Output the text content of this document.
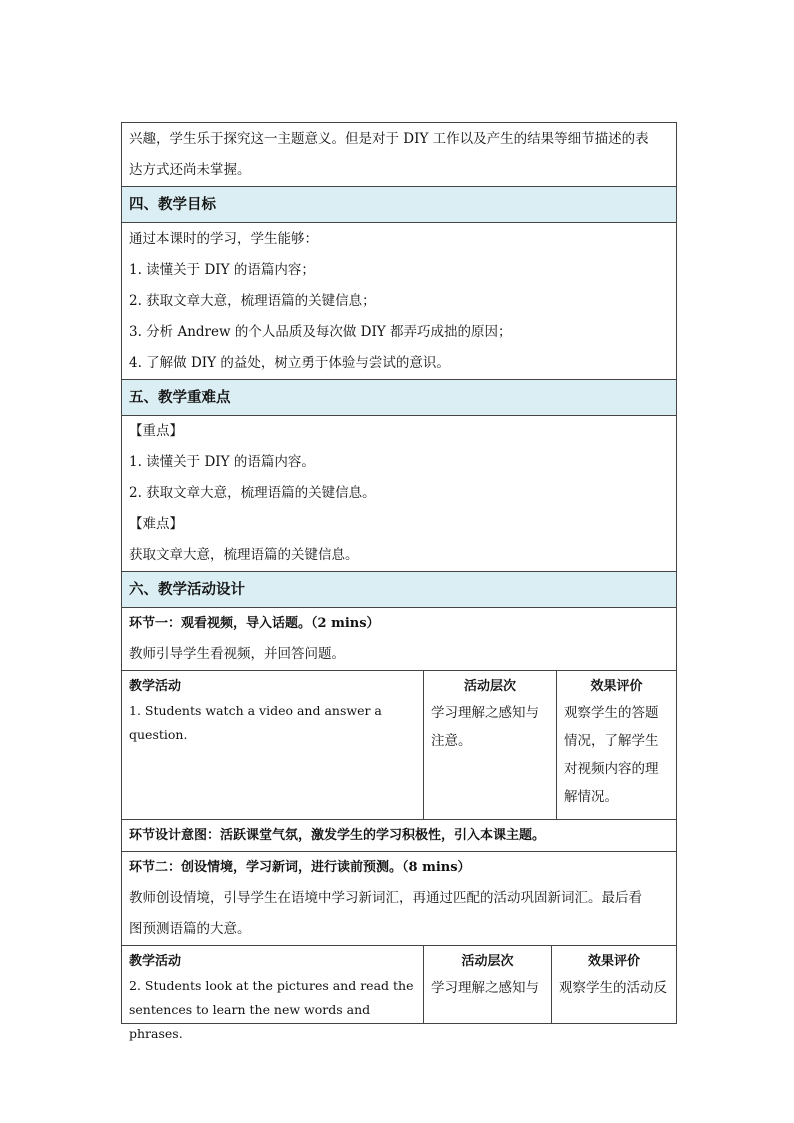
兴趣，学生乐于探究这一主题意义。但是对于 DIY 工作以及产生的结果等细节描述的表
达方式还尚未掌握。
四、教学目标
通过本课时的学习，学生能够：
1. 读懂关于 DIY 的语篇内容；
2. 获取文章大意，梳理语篇的关键信息；
3. 分析 Andrew 的个人品质及每次做 DIY 都弄巧成拙的原因；
4. 了解做 DIY 的益处，树立勇于体验与尝试的意识。
五、教学重难点
【重点】
1. 读懂关于 DIY 的语篇内容。
2. 获取文章大意，梳理语篇的关键信息。
【难点】
获取文章大意，梳理语篇的关键信息。
六、教学活动设计
环节一：观看视频，导入话题。（2 mins）
教师引导学生看视频，并回答问题。
教学活动
1. Students watch a video and answer a question.
活动层次
学习理解之感知与
注意。
效果评价
观察学生的答题
情况，了解学生
对视频内容的理
解情况。
环节设计意图：活跃课堂气氛，激发学生的学习积极性，引入本课主题。
环节二：创设情境，学习新词，进行读前预测。（8 mins）
教师创设情境，引导学生在语境中学习新词汇，再通过匹配的活动巩固新词汇。最后看
图预测语篇的大意。
教学活动
2. Students look at the pictures and read the
sentences to learn the new words and phrases.
活动层次
学习理解之感知与
效果评价
观察学生的活动反
